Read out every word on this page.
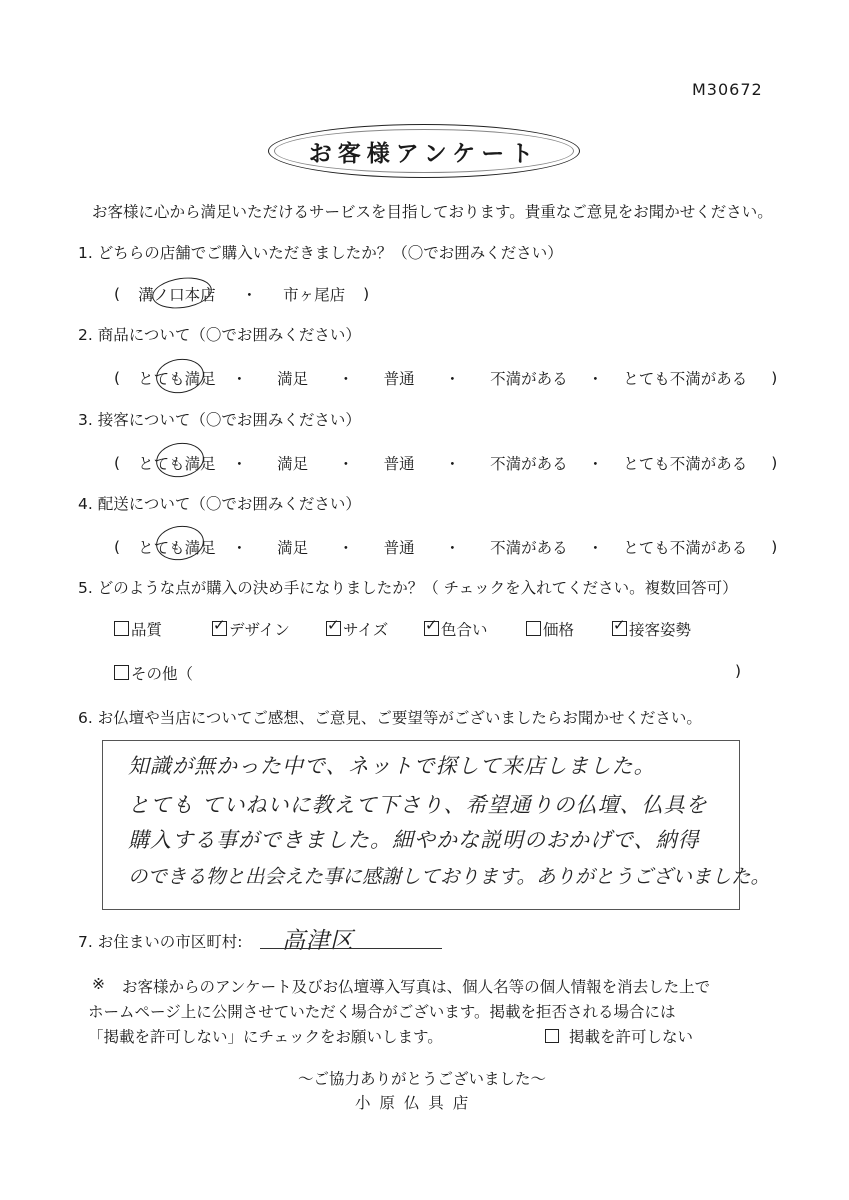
M30672
お客様アンケート
お客様に心から満足いただけるサービスを目指しております。貴重なご意見をお聞かせください。
1. どちらの店舗でご購入いただきましたか？（〇でお囲みください）
( 溝ノ口本店 ・ 市ヶ尾店 )
2. 商品について（〇でお囲みください）
( とても満足 ・ 満足 ・ 普通 ・ 不満がある ・ とても不満がある )
3. 接客について（〇でお囲みください）
( とても満足 ・ 満足 ・ 普通 ・ 不満がある ・ とても不満がある )
4. 配送について（〇でお囲みください）
( とても満足 ・ 満足 ・ 普通 ・ 不満がある ・ とても不満がある )
5. どのような点が購入の決め手になりましたか？（ チェックを入れてください。複数回答可）
品質	✓ デザイン ✓ サイズ ✓ 色合い	価格	✓ 接客姿勢
その他（	)
6. お仏壇や当店についてご感想、ご意見、ご要望等がございましたらお聞かせください。
知識が無かった中で、ネットで探して来店しました。
とても ていねいに教えて下さり、希望通りの仏壇、仏具を
購入する事ができました。細やかな説明のおかげで、納得
のできる物と出会えた事に感謝しております。ありがとうございました。
7. お住まいの市区町村: 高津区
※ お客様からのアンケート及びお仏壇導入写真は、個人名等の個人情報を消去した上で
ホームページ上に公開させていただく場合がございます。掲載を拒否される場合には
「掲載を許可しない」にチェックをお願いします。	掲載を許可しない
〜ご協力ありがとうございました〜
小 原 仏 具 店
